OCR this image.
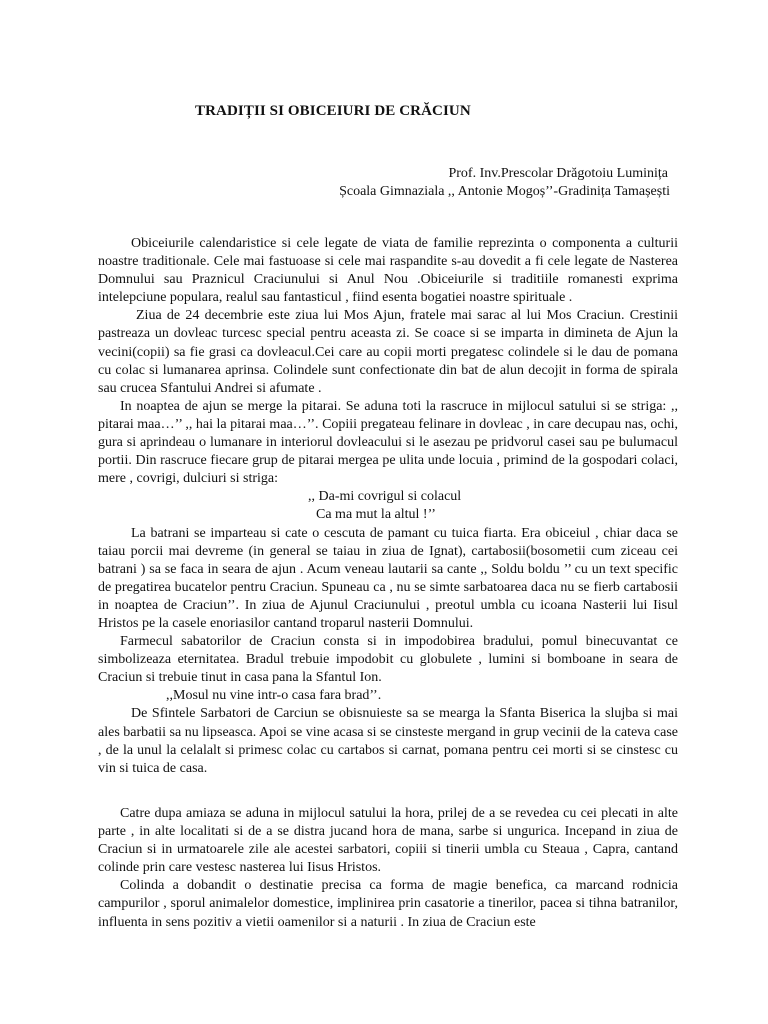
TRADIȚII SI OBICEIURI DE CRĂCIUN
Prof. Inv.Prescolar Drăgotoiu Luminița
Școala Gimnaziala ,, Antonie Mogoș’’-Gradinița Tamașești

Obiceiurile calendaristice si cele legate de viata de familie reprezinta o componenta a culturii noastre traditionale. Cele mai fastuoase si cele mai raspandite s-au dovedit a fi cele legate de Nasterea Domnului sau Praznicul Craciunului si Anul Nou .Obiceiurile si traditiile romanesti exprima intelepciune populara, realul sau fantasticul , fiind esenta bogatiei noastre spirituale .

Ziua de 24 decembrie este ziua lui Mos Ajun, fratele mai sarac al lui Mos Craciun. Crestinii pastreaza un dovleac turcesc special pentru aceasta zi. Se coace si se imparta in dimineta de Ajun la vecini(copii) sa fie grasi ca dovleacul.Cei care au copii morti pregatesc colindele si le dau de pomana cu colac si lumanarea aprinsa. Colindele sunt confectionate din bat de alun decojit in forma de spirala sau crucea Sfantului Andrei si afumate .

In noaptea de ajun se merge la pitarai. Se aduna toti la rascruce in mijlocul satului si se striga: ,, pitarai maa…’’ ,, hai la pitarai maa…’’. Copiii pregateau felinare in dovleac , in care decupau nas, ochi, gura si aprindeau o lumanare in interiorul dovleacului si le asezau pe pridvorul casei sau pe bulumacul portii. Din rascruce fiecare grup de pitarai mergea pe ulita unde locuia , primind de la gospodari colaci, mere , covrigi, dulciuri si striga:

,, Da-mi covrigul si colacul

Ca ma mut la altul !’’

La batrani se imparteau si cate o cescuta de pamant cu tuica fiarta. Era obiceiul , chiar daca se taiau porcii mai devreme (in general se taiau in ziua de Ignat), cartabosii(bosometii cum ziceau cei batrani ) sa se faca in seara de ajun . Acum veneau lautarii sa cante ,, Soldu boldu ’’ cu un text specific de pregatirea bucatelor pentru Craciun. Spuneau ca , nu se simte sarbatoarea daca nu se fierb cartabosii in noaptea de Craciun’’. In ziua de Ajunul Craciunului , preotul umbla cu icoana Nasterii lui Iisul Hristos pe la casele enoriasilor cantand troparul nasterii Domnului.

Farmecul sabatorilor de Craciun consta si in impodobirea bradului, pomul binecuvantat ce simbolizeaza eternitatea. Bradul trebuie impodobit cu globulete , lumini si bomboane in seara de Craciun si trebuie tinut in casa pana la Sfantul Ion.

,,Mosul nu vine intr-o casa fara brad’’.

De Sfintele Sarbatori de Carciun se obisnuieste sa se mearga la Sfanta Biserica la slujba si mai ales barbatii sa nu lipseasca. Apoi se vine acasa si se cinsteste mergand in grup vecinii de la cateva case , de la unul la celalalt si primesc colac cu cartabos si carnat, pomana pentru cei morti si se cinstesc cu vin si tuica de casa.

Catre dupa amiaza se aduna in mijlocul satului la hora, prilej de a se revedea cu cei plecati in alte parte , in alte localitati si de a se distra jucand hora de mana, sarbe si ungurica. Incepand in ziua de Craciun si in urmatoarele zile ale acestei sarbatori, copiii si tinerii umbla cu Steaua , Capra, cantand colinde prin care vestesc nasterea lui Iisus Hristos.

Colinda a dobandit o destinatie precisa ca forma de magie benefica, ca marcand rodnicia campurilor , sporul animalelor domestice, implinirea prin casatorie a tinerilor, pacea si tihna batranilor, influenta in sens pozitiv a vietii oamenilor si a naturii . In ziua de Craciun este
